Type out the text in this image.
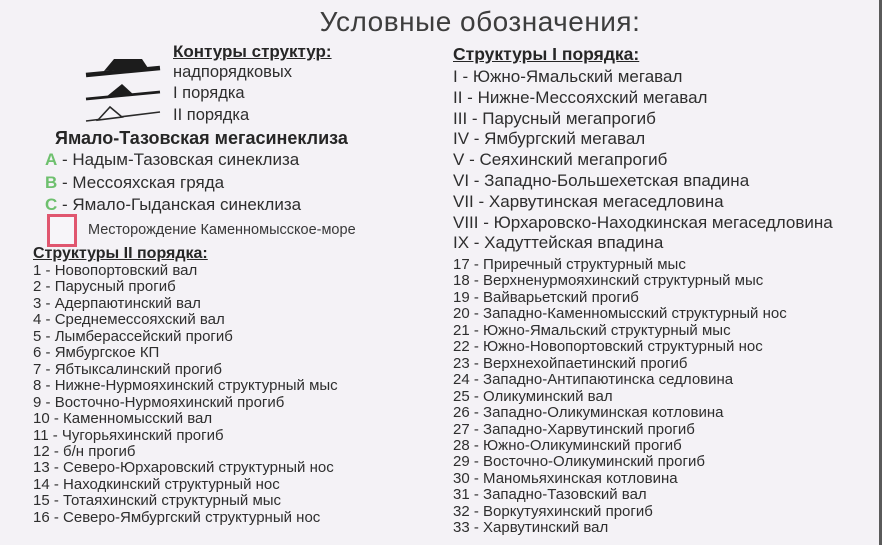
Условные обозначения:
Контуры структур:
надпорядковых
I порядка
II порядка
Ямало-Тазовская мегасинеклиза
A - Надым-Тазовская синеклиза
B - Мессояхская гряда
C - Ямало-Гыданская синеклиза
Месторождение Каменномысское-море
Структуры II порядка:
1 - Новопортовский вал
2 - Парусный прогиб
3 - Адерпаютинский вал
4 - Среднемессояхский вал
5 - Лымберассейский прогиб
6 - Ямбургское КП
7 - Ябтыксалинский прогиб
8 - Нижне-Нурмояхинский структурный мыс
9 - Восточно-Нурмояхинский прогиб
10 - Каменномысский вал
11 - Чугорьяхинский прогиб
12 - б/н прогиб
13 - Северо-Юрхаровский структурный нос
14 - Находкинский структурный нос
15 - Тотаяхинский структурный мыс
16 - Северо-Ямбургский структурный нос
Структуры I порядка:
I - Южно-Ямальский мегавал
II - Нижне-Мессояхский мегавал
III - Парусный мегапрогиб
IV - Ямбургский мегавал
V - Сеяхинский мегапрогиб
VI - Западно-Большехетская впадина
VII - Харвутинская мегаседловина
VIII - Юрхаровско-Находкинская мегаседловина
IX - Хадуттейская впадина
17 - Приречный структурный мыс
18 - Верхненурмояхинский структурный мыс
19 - Вайварьетский прогиб
20 - Западно-Каменномысский структурный нос
21 - Южно-Ямальский структурный мыс
22 - Южно-Новопортовский структурный нос
23 - Верхнехойпаетинский прогиб
24 - Западно-Антипаютинска седловина
25 - Оликуминский вал
26 - Западно-Оликуминская котловина
27 - Западно-Харвутинский прогиб
28 - Южно-Оликуминский прогиб
29 - Восточно-Оликуминский прогиб
30 - Маномьяхинская котловина
31 - Западно-Тазовский вал
32 - Воркутуяхинский прогиб
33 - Харвутинский вал
